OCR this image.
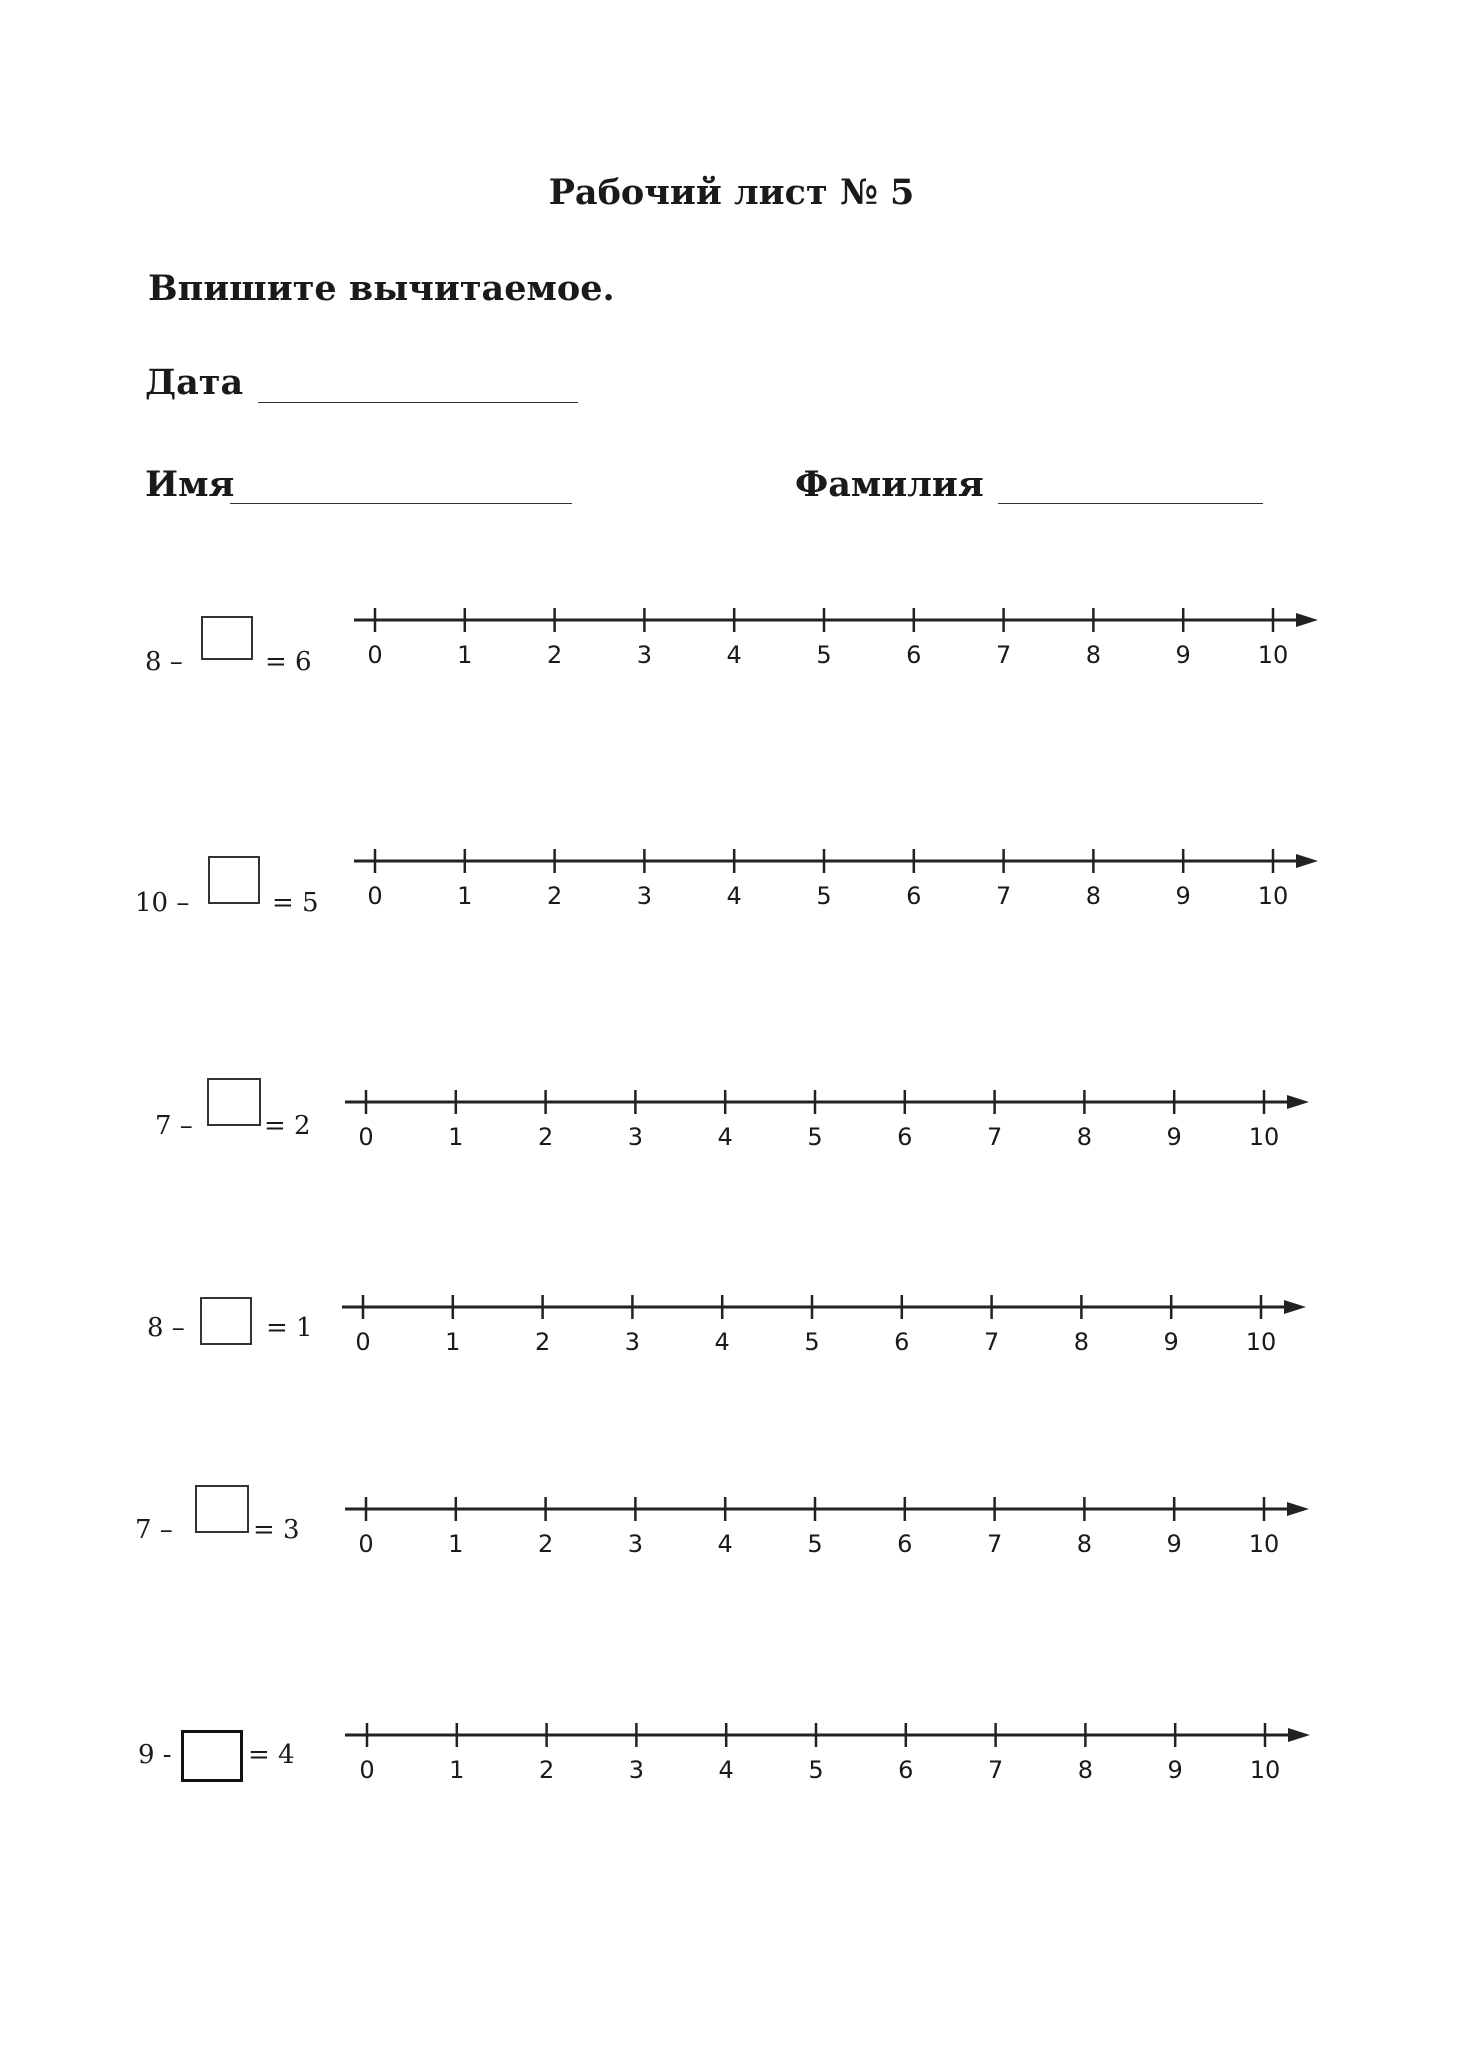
Рабочий лист № 5
Впишите вычитаемое.
Дата
Имя	Фамилия
8 –	= 6
10 –	= 5
7 –	= 2
8 –	= 1
7 –	= 3
9 -	= 4
0	1	2	3	4	5	6	7	8	9	10
0	1	2	3	4	5	6	7	8	9	10
0	1	2	3	4	5	6	7	8	9	10
0	1	2	3	4	5	6	7	8	9	10
0	1	2	3	4	5	6	7	8	9	10
0	1	2	3	4	5	6	7	8	9	10
